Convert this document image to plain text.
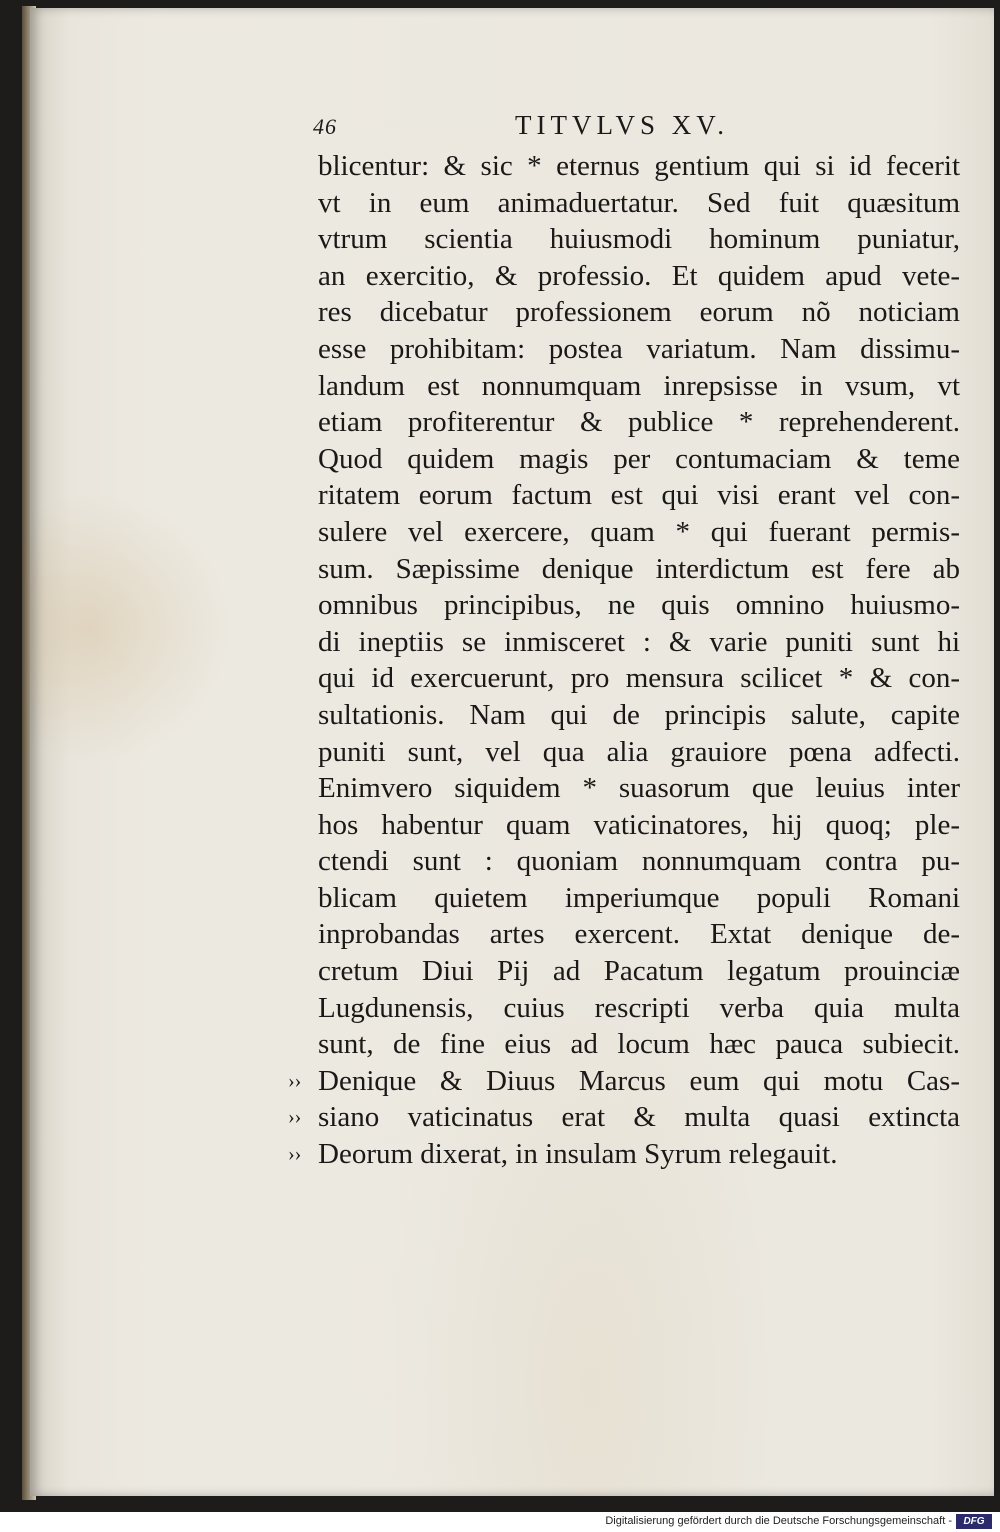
46	TITVLVS XV.
blicentur: & sic * eternus gentium qui si id fecerit
vt in eum animaduertatur. Sed fuit quæsitum
vtrum scientia huiusmodi hominum puniatur,
an exercitio, & professio. Et quidem apud vete-
res dicebatur professionem eorum nõ noticiam
esse prohibitam: postea variatum. Nam dissimu-
landum est nonnumquam inrepsisse in vsum, vt
etiam profiterentur & publice * reprehenderent.
Quod quidem magis per contumaciam & teme
ritatem eorum factum est qui visi erant vel con-
sulere vel exercere, quam * qui fuerant permis-
sum. Sæpissime denique interdictum est fere ab
omnibus principibus, ne quis omnino huiusmo-
di ineptiis se inmisceret : & varie puniti sunt hi
qui id exercuerunt, pro mensura scilicet * & con-
sultationis. Nam qui de principis salute, capite
puniti sunt, vel qua alia grauiore pœna adfecti.
Enimvero siquidem * suasorum que leuius inter
hos habentur quam vaticinatores, hij quoq; ple-
ctendi sunt : quoniam nonnumquam contra pu-
blicam quietem imperiumque populi Romani
inprobandas artes exercent. Extat denique de-
cretum Diui Pij ad Pacatum legatum prouinciæ
Lugdunensis, cuius rescripti verba quia multa
sunt, de fine eius ad locum hæc pauca subiecit.
›› Denique & Diuus Marcus eum qui motu Cas-
›› siano vaticinatus erat & multa quasi extincta
›› Deorum dixerat, in insulam Syrum relegauit.
Digitalisierung gefördert durch die Deutsche Forschungsgemeinschaft -	DFG
